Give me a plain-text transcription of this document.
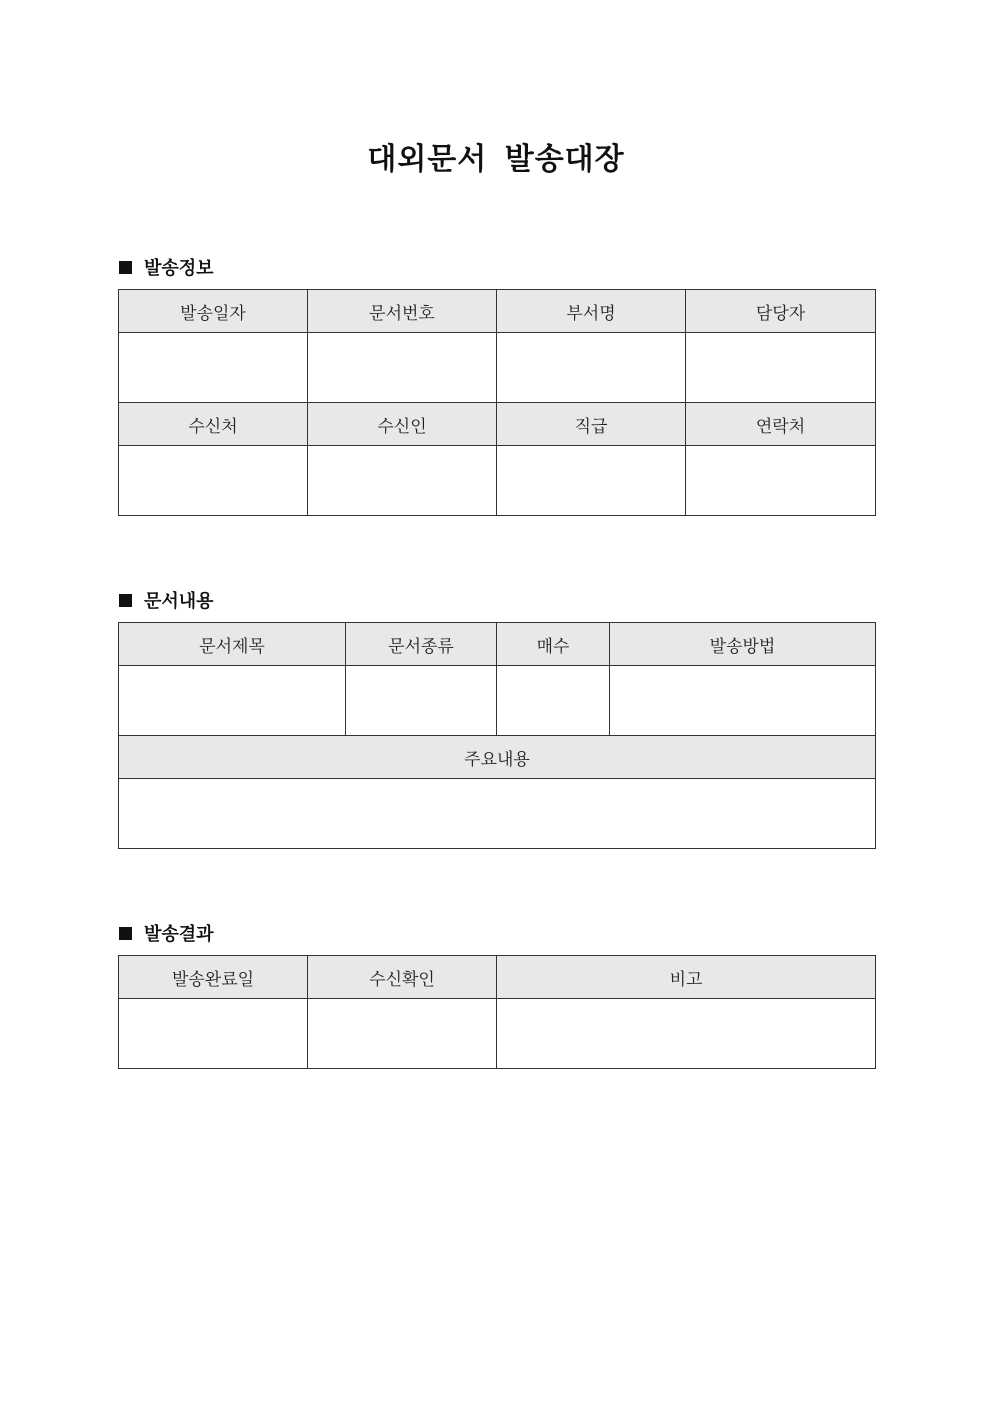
대외문서 발송대장
발송정보
발송일자	문서번호	부서명	담당자

수신처	수신인	직급	연락처

문서내용
문서제목	문서종류	매수	발송방법

주요내용			

발송결과
발송완료일	수신확인	비고
